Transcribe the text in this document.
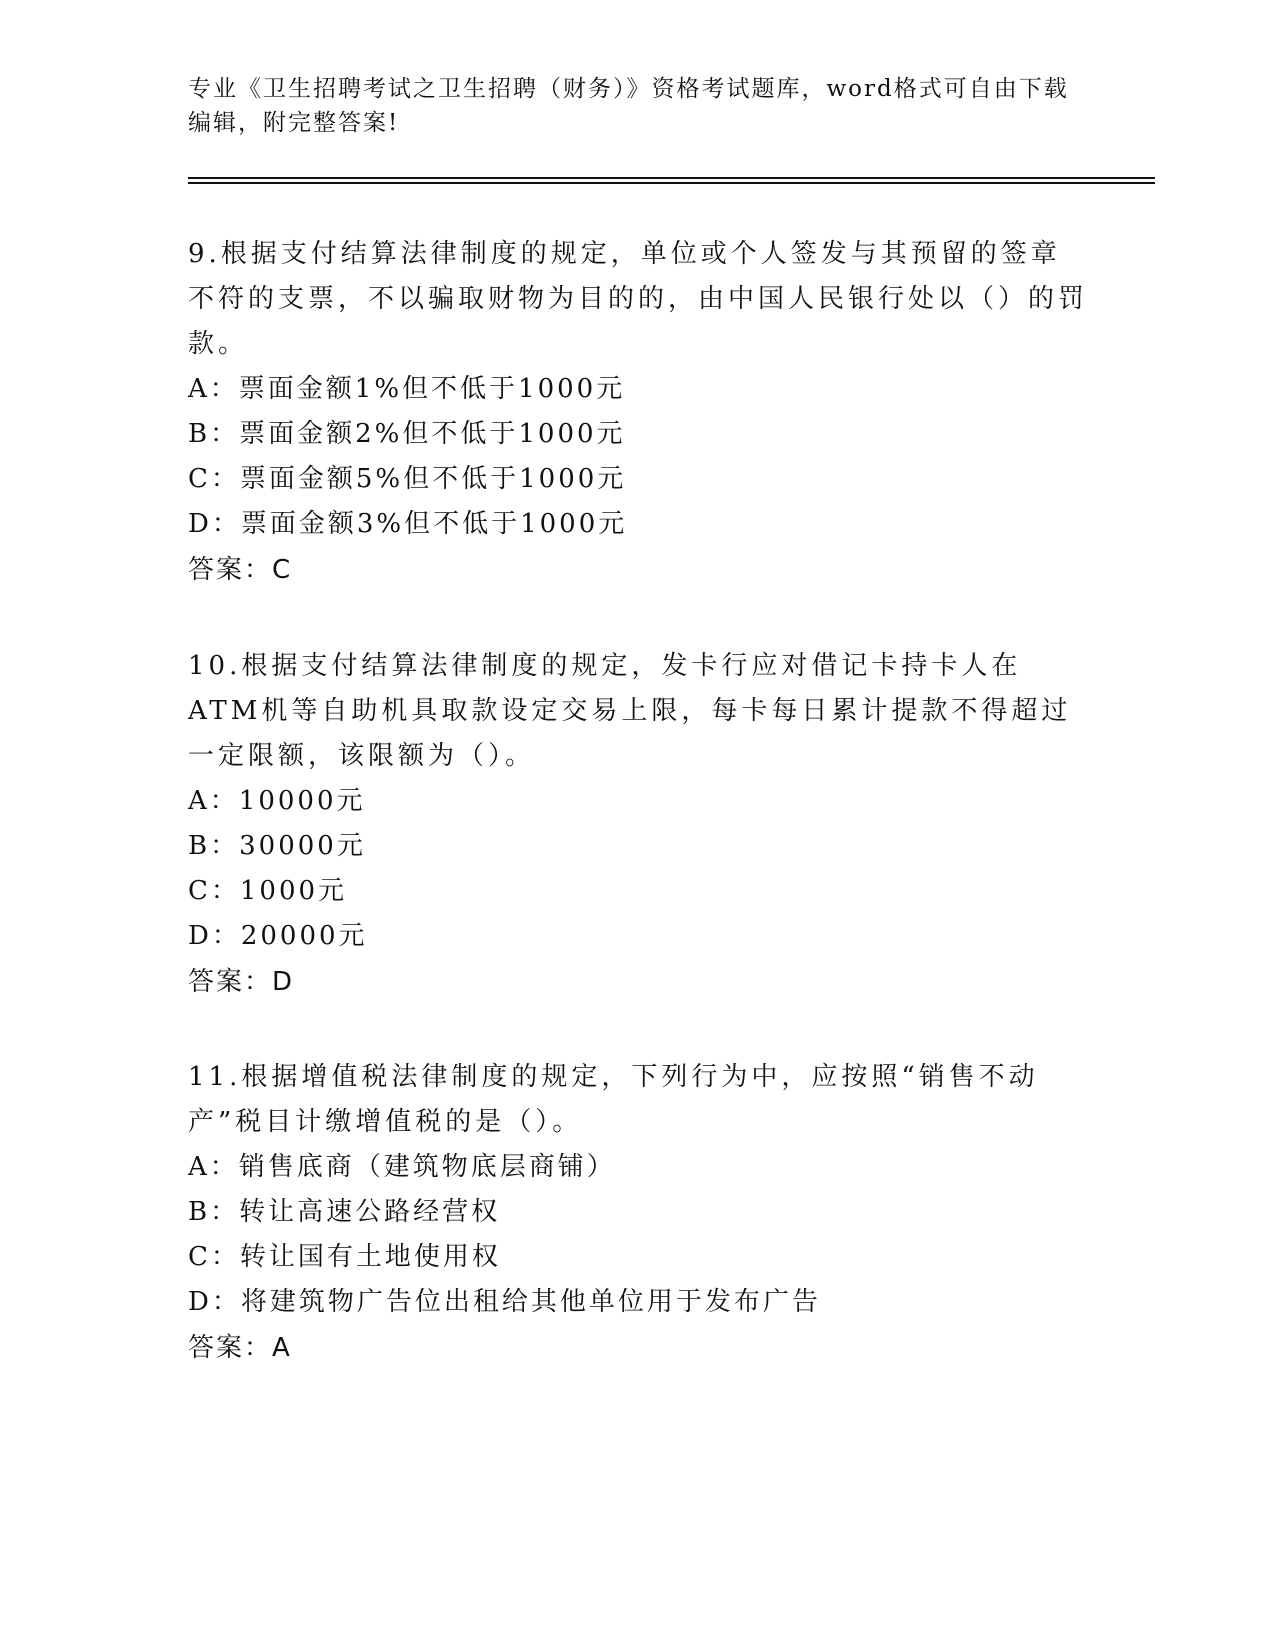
专业《卫生招聘考试之卫生招聘（财务）》资格考试题库，word格式可自由下载编辑，附完整答案!

9.根据支付结算法律制度的规定，单位或个人签发与其预留的签章不符的支票，不以骗取财物为目的的，由中国人民银行处以（）的罚款。

A：票面金额1%但不低于1000元

B：票面金额2%但不低于1000元

C：票面金额5%但不低于1000元

D：票面金额3%但不低于1000元

答案：C

10.根据支付结算法律制度的规定，发卡行应对借记卡持卡人在ATM机等自助机具取款设定交易上限，每卡每日累计提款不得超过一定限额，该限额为（）。

A：10000元

B：30000元

C：1000元

D：20000元

答案：D

11.根据增值税法律制度的规定，下列行为中，应按照“销售不动产”税目计缴增值税的是（）。

A：销售底商（建筑物底层商铺）

B：转让高速公路经营权

C：转让国有土地使用权

D：将建筑物广告位出租给其他单位用于发布广告

答案：A
